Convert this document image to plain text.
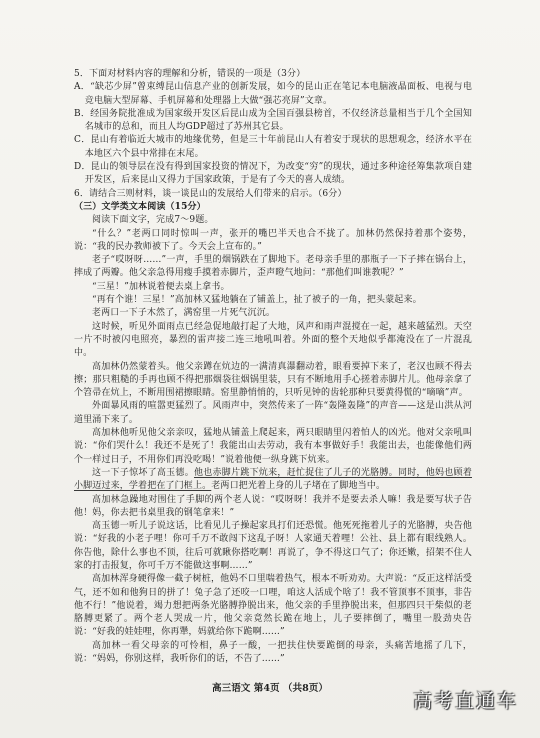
5．下面对材料内容的理解和分析，错误的一项是（3分）

A．“缺芯少屏”曾束缚昆山信息产业的创新发展，如今的昆山正在笔记本电脑液晶面板、电视与电竞电脑大型屏幕、手机屏幕和处理器上大做“强芯亮屏”文章。

B．经国务院批准成为国家级开发区后昆山成为全国百强县榜首，不仅经济总量相当于几个全国知名城市的总和，而且人均GDP超过了苏州其它县。

C．昆山有着临近大城市的地缘优势，但是三十年前昆山人有着安于现状的思想观念，经济水平在本地区六个县中常排在末尾。

D．昆山的领导层在没有得到国家投资的情况下，为改变“穷”的现状，通过多种途径筹集款项自建开发区，后来昆山又得力于国家政策，于是有了今天的喜人成绩。

6．请结合三则材料，谈一谈昆山的发展给人们带来的启示。（6分）

（三）文学类文本阅读（15分）

阅读下面文字，完成7～9题。

“什么？”老两口同时惊叫一声，张开的嘴巴半天也合不拢了。加林仍然保持着那个姿势，说：“我的民办教师被下了。今天会上宣布的。”

老子“哎呀呀……”一声，手里的烟锅跌在了脚地下。老母亲手里的那瓶子一下子摔在锅台上，摔成了两瓣。他父亲急得用瘦手摸着赤脚片，歪声瞪气地问：“那他们叫谁教呢？”

“三星！”加林说着便去桌上拿书。

“再有个谁！三星！”高加林又猛地躺在了铺盖上，扯了被子的一角，把头蒙起来。

老两口一下子木然了，满窑里一片死气沉沉。

这时候，听见外面雨点已经急促地敲打起了大地，风声和雨声混搅在一起，越来越猛烈。天空一片不时被闪电照亮，暴烈的雷声接二连三地吼叫着。外面的整个天地似乎都淹没在了一片混乱中。

高加林仍然蒙着头。他父亲蹲在炕边的一满清真瀑翻动着，眼看要掉下来了，老汉也顾不得去擦；那只粗糙的手再也顾不得把那烟袋往烟锅里装，只有不断地用手心搓着赤脚片儿。他母亲拿了个笤帚在炕上，不断用围裙擦眼睛。窑里静悄悄的，只听见钟的齿轮那种只要黄得慌的“嘀嘀”声。

外面暴风雨的喧嚣更猛烈了。风雨声中，突然传来了一阵“轰隆轰隆”的声音——这是山洪从河道里涌下来了。

高加林他听见他父亲亲叹，猛地从铺盖上爬起来，两只眼睛里闪着怕人的凶光。他对父亲吼叫说：“你们哭什么！我还不是死了！我能出山去劳动，我有本事做好手！我能出去，也能像他们两个一样过日子，不用你们再没吃喝！”说着他便一纵身跳下炕来。

这一下子惊坏了高玉德。他也赤脚片跳下炕来，赶忙捉住了儿子的光胳膊。同时，他妈也顾着小脚迈过来，学着把在了门框上。老两口把光着上身的儿子堵在了脚地当中。

高加林急躁地对围住了手脚的两个老人说：“哎呀呀！我并不是要去杀人嘛！我是要写状子告他！妈，你去把书桌里我的钢笔拿来！”

高玉德一听儿子说这话，比看见儿子操起家具打们还恐慌。他死死拖着儿子的光胳膊，央告他说：“好我的小老子哩！你可千万不敢闯下这乱子呀！人家通天着哩！公社、县上都有眼线熟人。你告他，除什么事也不顶，往后可就瞅你搭吃啊！再说了，争不得这口气了；你还嫩，招架不住人家的打击报复，你可千万不能做这事啊……”

高加林浑身硬得像一截子树桩，他妈不口里喘着热气，根本不听劝劝。大声说：“反正这样活受气，还不如和他狗日的拼了！兔子急了还咬一口哩，咱这人活成个啥了！我不管顶事不顶事，非告他不行！”他说着，竭力想把两条光胳膊挣脱出来，他父亲的手里挣脱出来，但那四只干柴似的老胳膊更紧了。两个老人哭成一片，他父亲竟然长跪在地上，儿子要摔倒了，嘴里一股劲央告说：“好我的娃娃哩，你再犟，妈就给你下跪啊……”

高加林一看父母亲的可怜相，鼻子一酸，一把扶住快要跪倒的母亲，头痛苦地摇了几下，说：“妈妈，你别这样，我听你们的话，不告了……”

高三语文 第4页 （共8页）
高考直通车
